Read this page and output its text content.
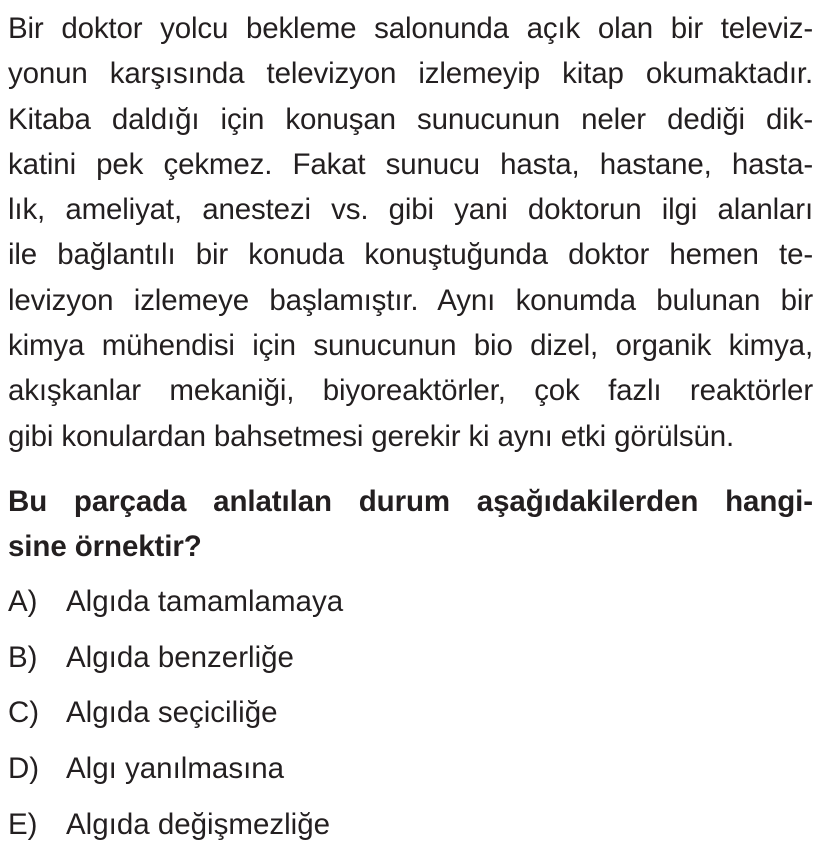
Bir doktor yolcu bekleme salonunda açık olan bir televiz-
yonun karşısında televizyon izlemeyip kitap okumaktadır.
Kitaba daldığı için konuşan sunucunun neler dediği dik-
katini pek çekmez. Fakat sunucu hasta, hastane, hasta-
lık, ameliyat, anestezi vs. gibi yani doktorun ilgi alanları
ile bağlantılı bir konuda konuştuğunda doktor hemen te-
levizyon izlemeye başlamıştır. Aynı konumda bulunan bir
kimya mühendisi için sunucunun bio dizel, organik kimya,
akışkanlar mekaniği, biyoreaktörler, çok fazlı reaktörler
gibi konulardan bahsetmesi gerekir ki aynı etki görülsün.
Bu parçada anlatılan durum aşağıdakilerden hangi-
sine örnektir?
A) Algıda tamamlamaya
B) Algıda benzerliğe
C) Algıda seçiciliğe
D) Algı yanılmasına
E) Algıda değişmezliğe
